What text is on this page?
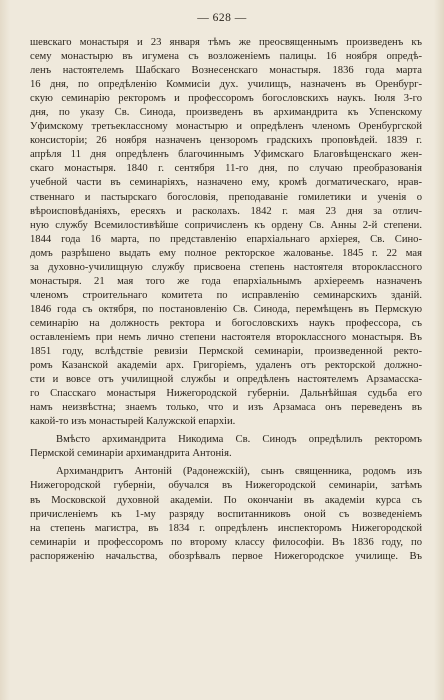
— 628 —
шевскаго монастыря и 23 января тѣмъ же преосвященнымъ произведенъ къ
сему монастырю въ игумена съ возложеніемъ палицы. 16 ноября опредѣ-
ленъ настоятелемъ Шабскаго Вознесенскаго монастыря. 1836 года марта
16 дня, по опредѣленію Коммисіи дух. училищъ, назначенъ въ Оренбург-
скую семинарію ректоромъ и профессоромъ богословскихъ наукъ. Іюля 3-го
дня, по указу Св. Синода, произведенъ въ архимандрита къ Успенскому
Уфимскому третьеклассному монастырю и опредѣленъ членомъ Оренбургской
консисторіи; 26 ноября назначенъ цензоромъ градскихъ проповѣдей. 1839 г.
апрѣля 11 дня опредѣленъ благочиннымъ Уфимскаго Благовѣщенскаго жен-
скаго монастыря. 1840 г. сентября 11-го дня, по случаю преобразованія
учебной части въ семинаріяхъ, назначено ему, кромѣ догматическаго, нрав-
ственнаго и пастырскаго богословія, преподаваніе гомилетики и ученія о
вѣроисповѣданіяхъ, ересяхъ и расколахъ. 1842 г. мая 23 дня за отлич-
ную службу Всемилостивѣйше сопричисленъ къ ордену Св. Анны 2-й степени.
1844 года 16 марта, по представленію епархіальнаго архіерея, Св. Сино-
домъ разрѣшено выдать ему полное ректорское жалованье. 1845 г. 22 мая
за духовно-училищную службу присвоена степень настоятеля второклассного
монастыря. 21 мая того же года епархіальнымъ архіереемъ назначенъ
членомъ строительнаго комитета по исправленію семинарскихъ зданій.
1846 года съ октября, по постановленію Св. Синода, перемѣщенъ въ Пермскую
семинарію на должность ректора и богословскихъ наукъ профессора, съ
оставленіемъ при немъ лично степени настоятеля второклассного монастыря. Въ
1851 году, вслѣдствіе ревизіи Пермской семинаріи, произведенной ректо-
ромъ Казанской академіи арх. Григоріемъ, удаленъ отъ ректорской должно-
сти и вовсе отъ училищной службы и опредѣленъ настоятелемъ Арзамасска-
го Спасскаго монастыря Нижегородской губерніи. Дальнѣйшая судьба его
намъ неизвѣстна; знаемъ только, что и изъ Арзамаса онъ переведенъ въ
какой-то изъ монастырей Калужской епархіи.
Вмѣсто архимандрита Никодима Св. Синодъ опредѣлилъ ректоромъ
Пермской семинаріи архимандрита Антонія.
Архимандритъ Антоній (Радонежскій), сынъ священника, родомъ изъ
Нижегородской губерніи, обучался въ Нижегородской семинаріи, затѣмъ
въ Московской духовной академіи. По окончаніи въ академіи курса съ
причисленіемъ къ 1-му разряду воспитанниковъ оной съ возведеніемъ
на степень магистра, въ 1834 г. опредѣленъ инспекторомъ Нижегородской
семинаріи и профессоромъ по второму классу философіи. Въ 1836 году, по
распоряженію начальства, обозрѣвалъ первое Нижегородское училище. Въ
